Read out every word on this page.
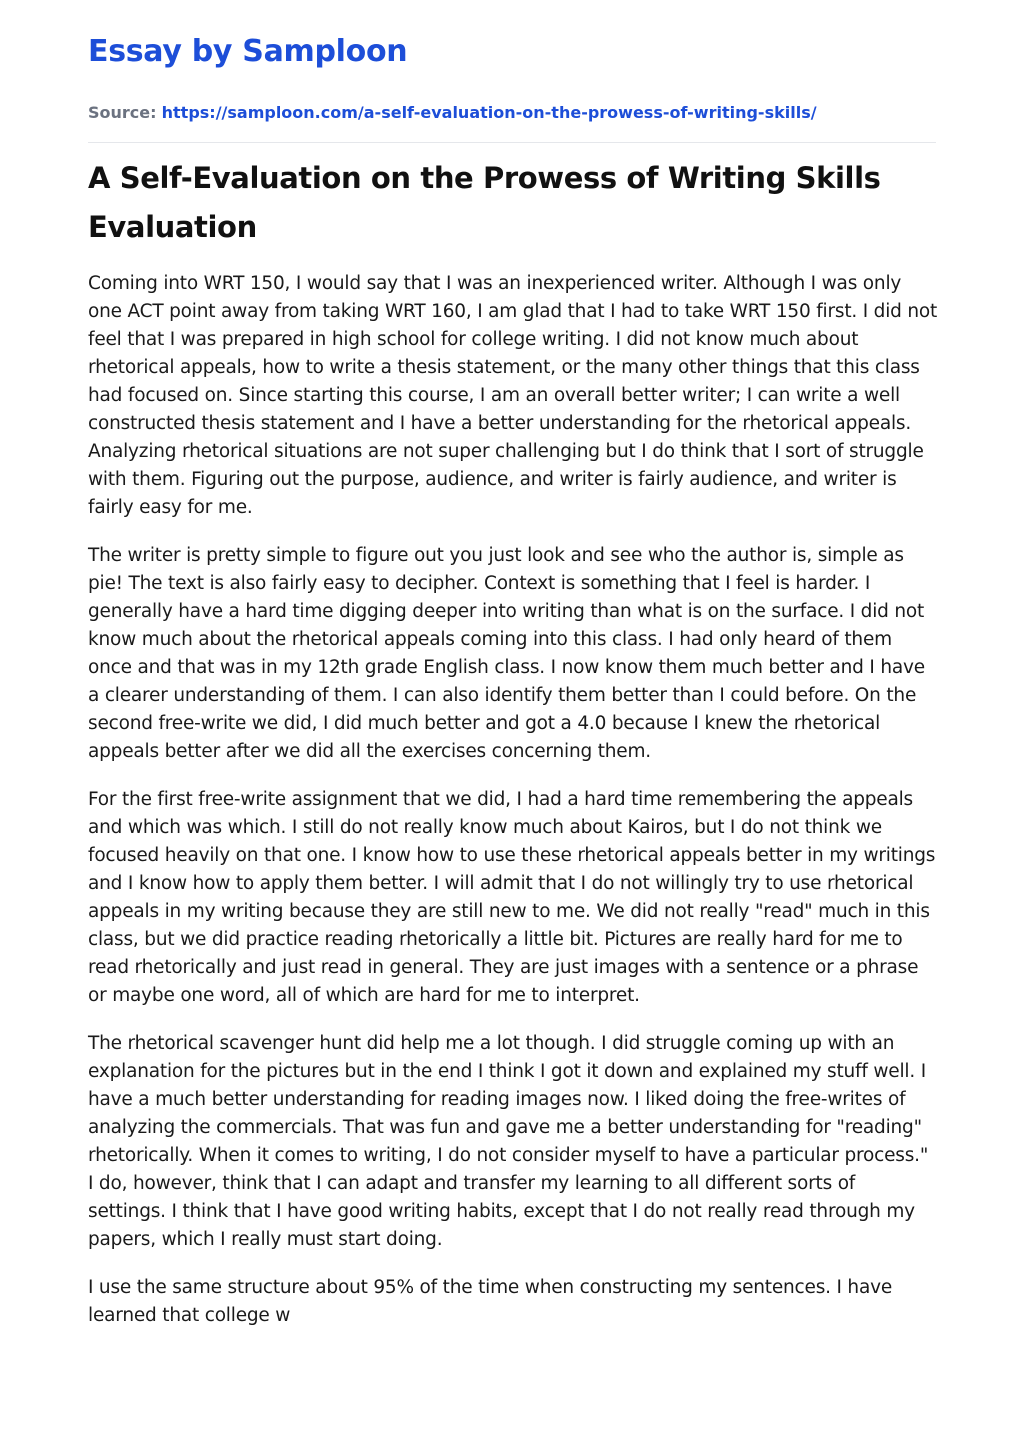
Essay by Samploon
Source: https://samploon.com/a-self-evaluation-on-the-prowess-of-writing-skills/
A Self-Evaluation on the Prowess of Writing Skills Evaluation

Coming into WRT 150, I would say that I was an inexperienced writer. Although I was only one ACT point away from taking WRT 160, I am glad that I had to take WRT 150 first. I did not feel that I was prepared in high school for college writing. I did not know much about rhetorical appeals, how to write a thesis statement, or the many other things that this class had focused on. Since starting this course, I am an overall better writer; I can write a well constructed thesis statement and I have a better understanding for the rhetorical appeals. Analyzing rhetorical situations are not super challenging but I do think that I sort of struggle with them. Figuring out the purpose, audience, and writer is fairly audience, and writer is fairly easy for me.

The writer is pretty simple to figure out you just look and see who the author is, simple as pie! The text is also fairly easy to decipher. Context is something that I feel is harder. I generally have a hard time digging deeper into writing than what is on the surface. I did not know much about the rhetorical appeals coming into this class. I had only heard of them once and that was in my 12th grade English class. I now know them much better and I have a clearer understanding of them. I can also identify them better than I could before. On the second free-write we did, I did much better and got a 4.0 because I knew the rhetorical appeals better after we did all the exercises concerning them.

For the first free-write assignment that we did, I had a hard time remembering the appeals and which was which. I still do not really know much about Kairos, but I do not think we focused heavily on that one. I know how to use these rhetorical appeals better in my writings and I know how to apply them better. I will admit that I do not willingly try to use rhetorical appeals in my writing because they are still new to me. We did not really "read" much in this class, but we did practice reading rhetorically a little bit. Pictures are really hard for me to read rhetorically and just read in general. They are just images with a sentence or a phrase or maybe one word, all of which are hard for me to interpret.

The rhetorical scavenger hunt did help me a lot though. I did struggle coming up with an explanation for the pictures but in the end I think I got it down and explained my stuff well. I have a much better understanding for reading images now. I liked doing the free-writes of analyzing the commercials. That was fun and gave me a better understanding for "reading" rhetorically. When it comes to writing, I do not consider myself to have a particular process." I do, however, think that I can adapt and transfer my learning to all different sorts of settings. I think that I have good writing habits, except that I do not really read through my papers, which I really must start doing.

I use the same structure about 95% of the time when constructing my sentences. I have learned that college w
